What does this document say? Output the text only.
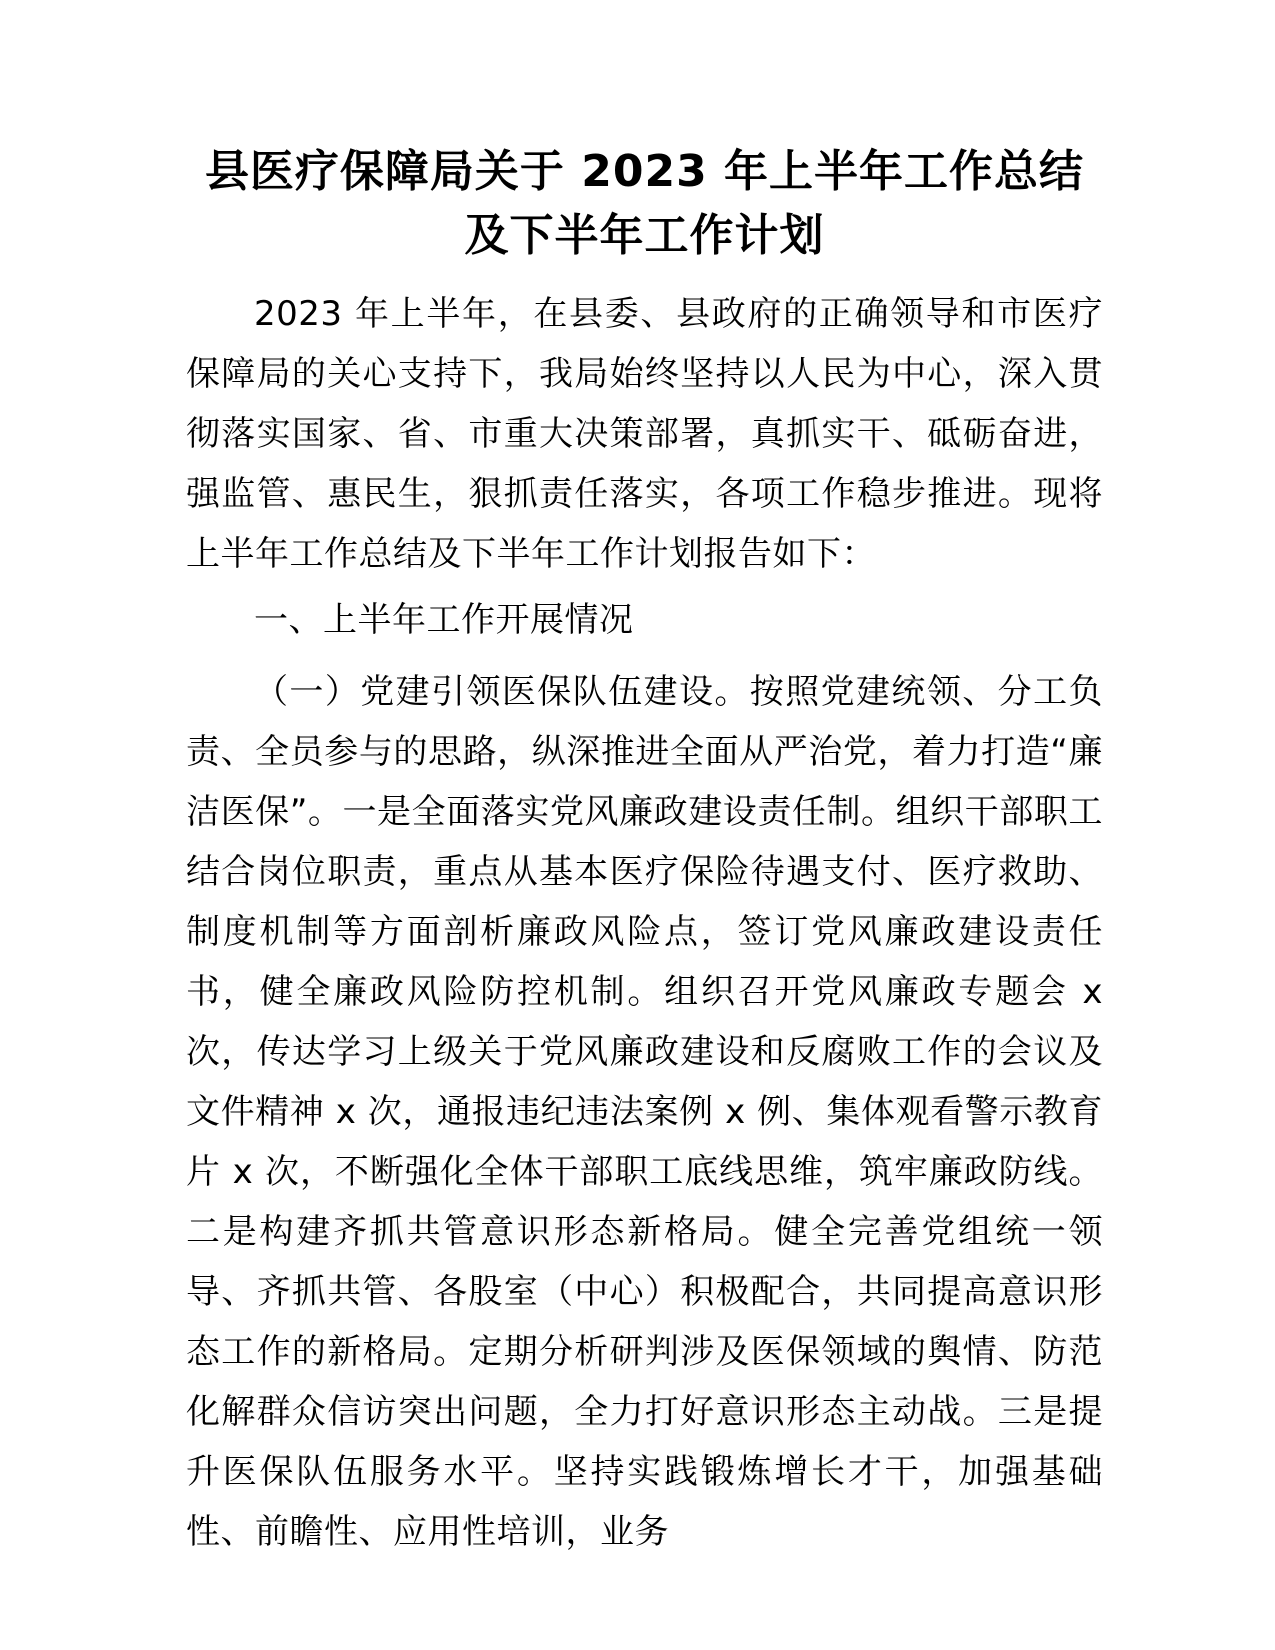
县医疗保障局关于 2023 年上半年工作总结及下半年工作计划

2023 年上半年，在县委、县政府的正确领导和市医疗保障局的关心支持下，我局始终坚持以人民为中心，深入贯彻落实国家、省、市重大决策部署，真抓实干、砥砺奋进，强监管、惠民生，狠抓责任落实，各项工作稳步推进。现将上半年工作总结及下半年工作计划报告如下：

一、上半年工作开展情况

（一）党建引领医保队伍建设。按照党建统领、分工负责、全员参与的思路，纵深推进全面从严治党，着力打造“廉洁医保”。一是全面落实党风廉政建设责任制。组织干部职工结合岗位职责，重点从基本医疗保险待遇支付、医疗救助、制度机制等方面剖析廉政风险点，签订党风廉政建设责任书，健全廉政风险防控机制。组织召开党风廉政专题会 x 次，传达学习上级关于党风廉政建设和反腐败工作的会议及文件精神 x 次，通报违纪违法案例 x 例、集体观看警示教育片 x 次，不断强化全体干部职工底线思维，筑牢廉政防线。二是构建齐抓共管意识形态新格局。健全完善党组统一领导、齐抓共管、各股室（中心）积极配合，共同提高意识形态工作的新格局。定期分析研判涉及医保领域的舆情、防范化解群众信访突出问题，全力打好意识形态主动战。三是提升医保队伍服务水平。坚持实践锻炼增长才干，加强基础性、前瞻性、应用性培训，业务
